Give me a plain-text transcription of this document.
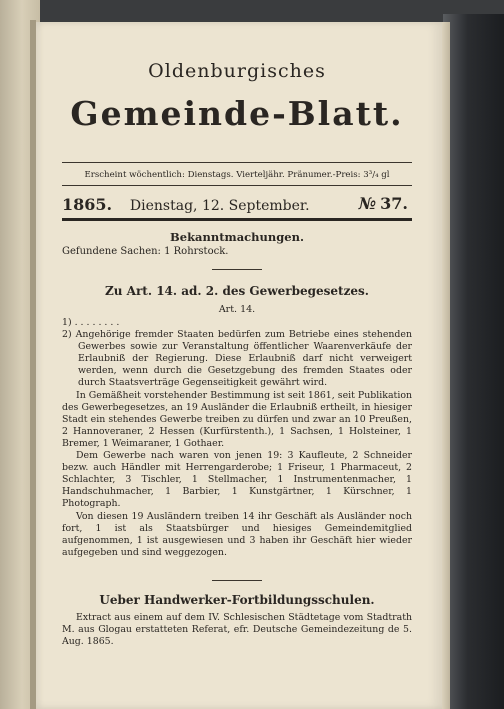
Oldenburgisches
Gemeinde-Blatt.
Erscheint wöchentlich: Dienstags. Vierteljähr. Pränumer.-Preis: 3³/₄ gl
1865. Dienstag, 12. September.	№ 37.
Bekanntmachungen.
Gefundene Sachen: 1 Rohrstock.
Zu Art. 14. ad. 2. des Gewerbegesetzes.
Art. 14.

1) . . . . . . . .

2) Angehörige fremder Staaten bedürfen zum Betriebe eines stehenden Gewerbes sowie zur Veranstaltung öffentlicher Waarenverkäufe der Erlaubniß der Regierung. Diese Erlaubniß darf nicht verweigert werden, wenn durch die Gesetzgebung des fremden Staates oder durch Staatsverträge Gegenseitigkeit gewährt wird.

In Gemäßheit vorstehender Bestimmung ist seit 1861, seit Publikation des Gewerbegesetzes, an 19 Ausländer die Erlaubniß ertheilt, in hiesiger Stadt ein stehendes Gewerbe treiben zu dürfen und zwar an 10 Preußen, 2 Hannoveraner, 2 Hessen (Kurfürstenth.), 1 Sachsen, 1 Holsteiner, 1 Bremer, 1 Weimaraner, 1 Gothaer.

Dem Gewerbe nach waren von jenen 19: 3 Kaufleute, 2 Schneider bezw. auch Händler mit Herrengarderobe; 1 Friseur, 1 Pharmaceut, 2 Schlachter, 3 Tischler, 1 Stellmacher, 1 Instrumentenmacher, 1 Handschuhmacher, 1 Barbier, 1 Kunstgärtner, 1 Kürschner, 1 Photograph.

Von diesen 19 Ausländern treiben 14 ihr Geschäft als Ausländer noch fort, 1 ist als Staatsbürger und hiesiges Gemeindemitglied aufgenommen, 1 ist ausgewiesen und 3 haben ihr Geschäft hier wieder aufgegeben und sind weggezogen.

Ueber Handwerker-Fortbildungsschulen.

Extract aus einem auf dem IV. Schlesischen Städtetage vom Stadtrath M. aus Glogau erstatteten Referat, efr. Deutsche Gemeindezeitung de 5. Aug. 1865.
